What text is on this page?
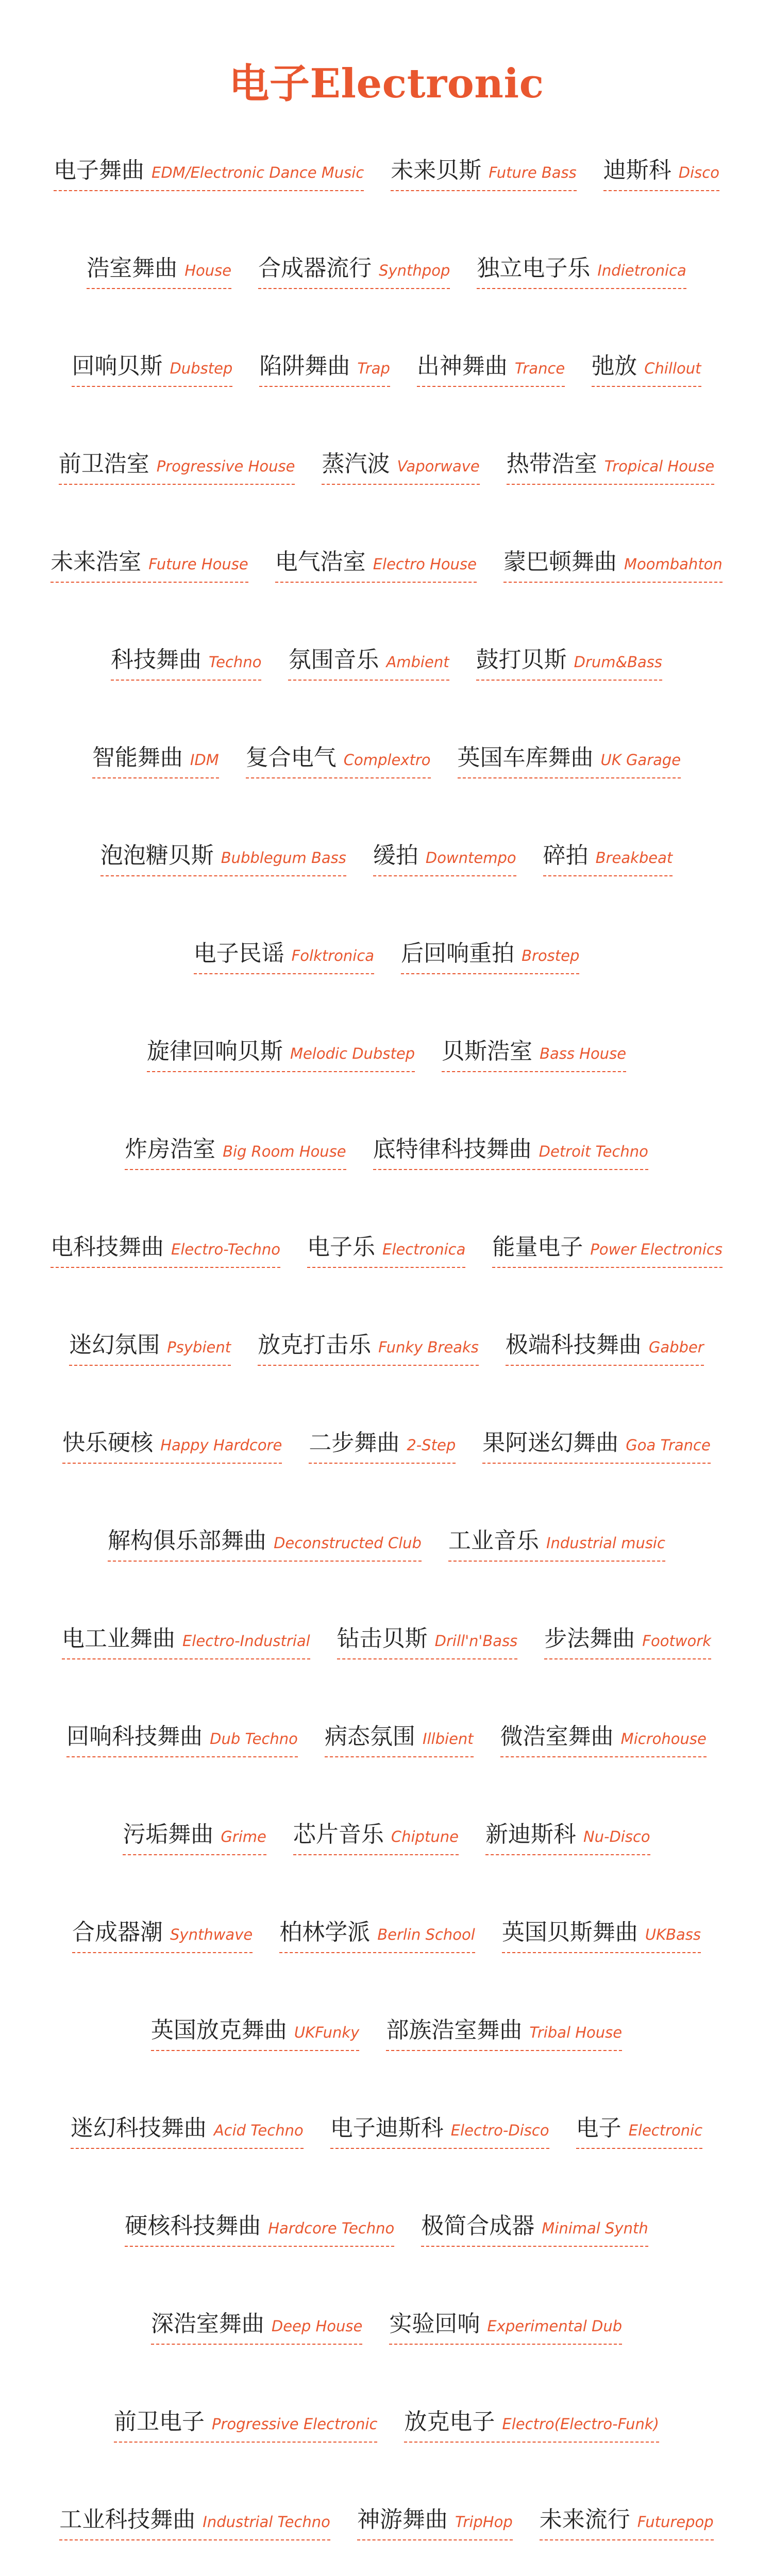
电子Electronic
电子舞曲 EDM/Electronic Dance Music 未来贝斯 Future Bass 迪斯科 Disco
浩室舞曲 House 合成器流行 Synthpop 独立电子乐 Indietronica
回响贝斯 Dubstep 陷阱舞曲 Trap 出神舞曲 Trance 弛放 Chillout
前卫浩室 Progressive House 蒸汽波 Vaporwave 热带浩室 Tropical House
未来浩室 Future House 电气浩室 Electro House 蒙巴顿舞曲 Moombahton
科技舞曲 Techno 氛围音乐 Ambient 鼓打贝斯 Drum&Bass
智能舞曲 IDM 复合电气 Complextro 英国车库舞曲 UK Garage
泡泡糖贝斯 Bubblegum Bass 缓拍 Downtempo 碎拍 Breakbeat
电子民谣 Folktronica 后回响重拍 Brostep
旋律回响贝斯 Melodic Dubstep 贝斯浩室 Bass House
炸房浩室 Big Room House 底特律科技舞曲 Detroit Techno
电科技舞曲 Electro-Techno 电子乐 Electronica 能量电子 Power Electronics
迷幻氛围 Psybient 放克打击乐 Funky Breaks 极端科技舞曲 Gabber
快乐硬核 Happy Hardcore 二步舞曲 2-Step 果阿迷幻舞曲 Goa Trance
解构俱乐部舞曲 Deconstructed Club 工业音乐 Industrial music
电工业舞曲 Electro-Industrial 钻击贝斯 Drill'n'Bass 步法舞曲 Footwork
回响科技舞曲 Dub Techno 病态氛围 Illbient 微浩室舞曲 Microhouse
污垢舞曲 Grime 芯片音乐 Chiptune 新迪斯科 Nu-Disco
合成器潮 Synthwave 柏林学派 Berlin School 英国贝斯舞曲 UKBass
英国放克舞曲 UKFunky 部族浩室舞曲 Tribal House
迷幻科技舞曲 Acid Techno 电子迪斯科 Electro-Disco 电子 Electronic
硬核科技舞曲 Hardcore Techno 极简合成器 Minimal Synth
深浩室舞曲 Deep House 实验回响 Experimental Dub
前卫电子 Progressive Electronic 放克电子 Electro(Electro-Funk)
工业科技舞曲 Industrial Techno 神游舞曲 TripHop 未来流行 Futurepop
